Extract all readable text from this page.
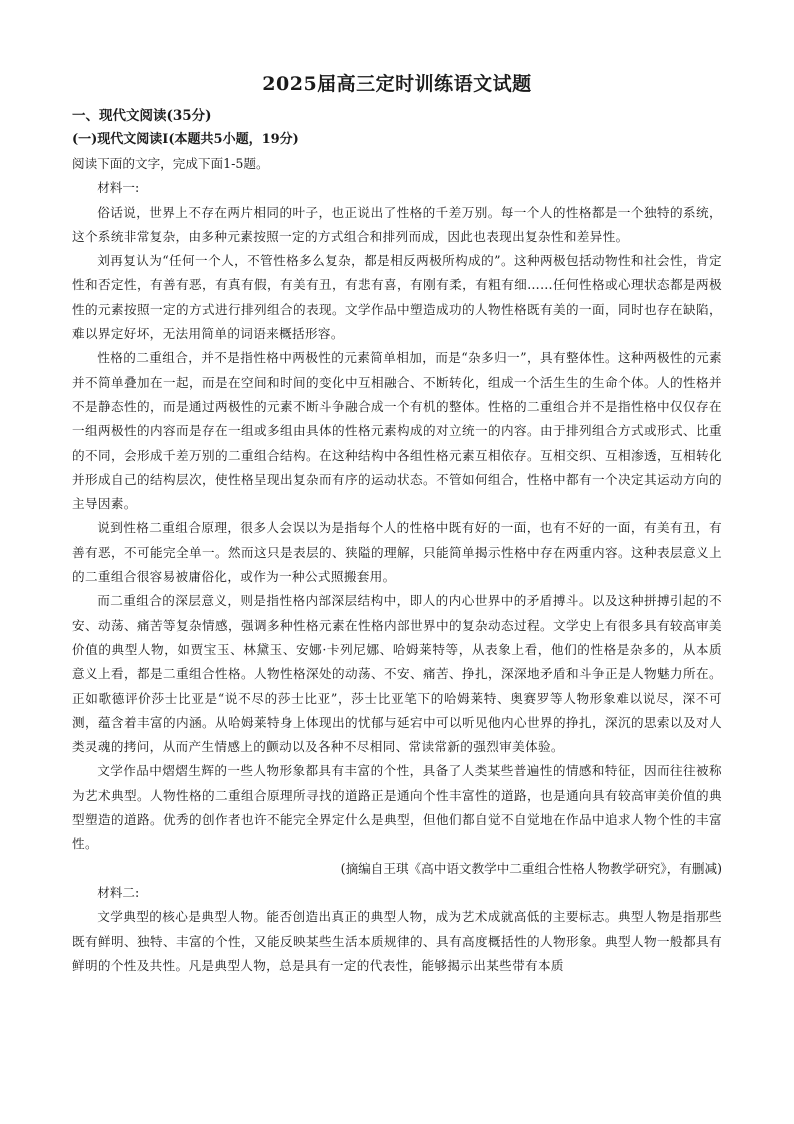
2025届高三定时训练语文试题
一、现代文阅读(35分)
(一)现代文阅读Ⅰ(本题共5小题，19分)
阅读下面的文字，完成下面1-5题。
材料一:

俗话说，世界上不存在两片相同的叶子，也正说出了性格的千差万别。每一个人的性格都是一个独特的系统，这个系统非常复杂，由多种元素按照一定的方式组合和排列而成，因此也表现出复杂性和差异性。

刘再复认为“任何一个人，不管性格多么复杂，都是相反两极所构成的”。这种两极包括动物性和社会性，肯定性和否定性，有善有恶，有真有假，有美有丑，有悲有喜，有刚有柔，有粗有细……任何性格或心理状态都是两极性的元素按照一定的方式进行排列组合的表现。文学作品中塑造成功的人物性格既有美的一面，同时也存在缺陷，难以界定好坏，无法用简单的词语来概括形容。

性格的二重组合，并不是指性格中两极性的元素简单相加，而是“杂多归一”，具有整体性。这种两极性的元素并不简单叠加在一起，而是在空间和时间的变化中互相融合、不断转化，组成一个活生生的生命个体。人的性格并不是静态性的，而是通过两极性的元素不断斗争融合成一个有机的整体。性格的二重组合并不是指性格中仅仅存在一组两极性的内容而是存在一组或多组由具体的性格元素构成的对立统一的内容。由于排列组合方式或形式、比重的不同，会形成千差万别的二重组合结构。在这种结构中各组性格元素互相依存。互相交织、互相渗透，互相转化并形成自己的结构层次，使性格呈现出复杂而有序的运动状态。不管如何组合，性格中都有一个决定其运动方向的主导因素。

说到性格二重组合原理，很多人会误以为是指每个人的性格中既有好的一面，也有不好的一面，有美有丑，有善有恶，不可能完全单一。然而这只是表层的、狭隘的理解，只能简单揭示性格中存在两重内容。这种表层意义上的二重组合很容易被庸俗化，或作为一种公式照搬套用。

而二重组合的深层意义，则是指性格内部深层结构中，即人的内心世界中的矛盾搏斗。以及这种拼搏引起的不安、动荡、痛苦等复杂情感，强调多种性格元素在性格内部世界中的复杂动态过程。文学史上有很多具有较高审美价值的典型人物，如贾宝玉、林黛玉、安娜·卡列尼娜、哈姆莱特等，从表象上看，他们的性格是杂多的，从本质意义上看，都是二重组合性格。人物性格深处的动荡、不安、痛苦、挣扎，深深地矛盾和斗争正是人物魅力所在。正如歌德评价莎士比亚是“说不尽的莎士比亚”，莎士比亚笔下的哈姆莱特、奥赛罗等人物形象难以说尽，深不可测，蕴含着丰富的内涵。从哈姆莱特身上体现出的忧郁与延宕中可以听见他内心世界的挣扎，深沉的思索以及对人类灵魂的拷问，从而产生情感上的颤动以及各种不尽相同、常读常新的强烈审美体验。

文学作品中熠熠生辉的一些人物形象都具有丰富的个性，具备了人类某些普遍性的情感和特征，因而往往被称为艺术典型。人物性格的二重组合原理所寻找的道路正是通向个性丰富性的道路，也是通向具有较高审美价值的典型塑造的道路。优秀的创作者也许不能完全界定什么是典型，但他们都自觉不自觉地在作品中追求人物个性的丰富性。

(摘编自王琪《高中语文教学中二重组合性格人物教学研究》，有删减)
材料二:

文学典型的核心是典型人物。能否创造出真正的典型人物，成为艺术成就高低的主要标志。典型人物是指那些既有鲜明、独特、丰富的个性，又能反映某些生活本质规律的、具有高度概括性的人物形象。典型人物一般都具有鲜明的个性及共性。凡是典型人物，总是具有一定的代表性，能够揭示出某些带有本质
